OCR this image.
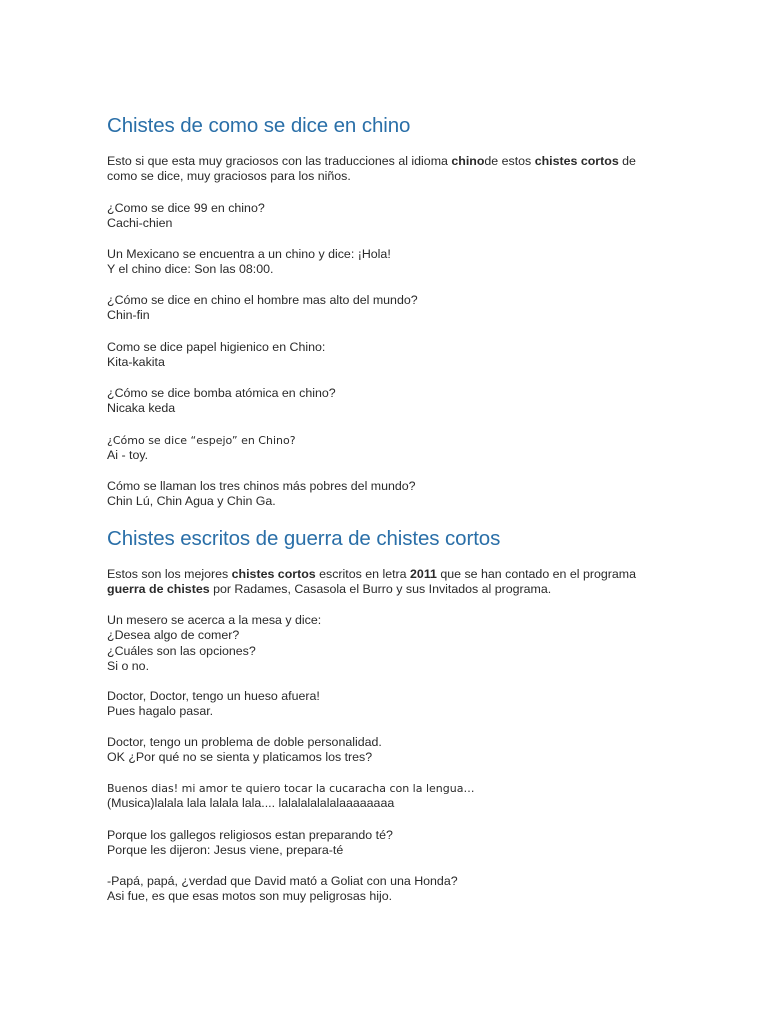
Chistes de como se dice en chino

Esto si que esta muy graciosos con las traducciones al idioma chinode estos chistes cortos de como se dice, muy graciosos para los niños.

¿Como se dice 99 en chino?
Cachi-chien

Un Mexicano se encuentra a un chino y dice: ¡Hola!
Y el chino dice: Son las 08:00.

¿Cómo se dice en chino el hombre mas alto del mundo?
Chin-fin

Como se dice papel higienico en Chino:
Kita-kakita

¿Cómo se dice bomba atómica en chino?
Nicaka keda

¿Cómo se dice “espejo” en Chino?
Ai - toy.

Cómo se llaman los tres chinos más pobres del mundo?
Chin Lú, Chin Agua y Chin Ga.

Chistes escritos de guerra de chistes cortos

Estos son los mejores chistes cortos escritos en letra 2011 que se han contado en el programa guerra de chistes por Radames, Casasola el Burro y sus Invitados al programa.

Un mesero se acerca a la mesa y dice:
¿Desea algo de comer?
¿Cuáles son las opciones?
Si o no.

Doctor, Doctor, tengo un hueso afuera!
Pues hagalo pasar.

Doctor, tengo un problema de doble personalidad.
OK ¿Por qué no se sienta y platicamos los tres?

Buenos dias! mi amor te quiero tocar la cucaracha con la lengua…
(Musica)lalala lala lalala lala.... lalalalalalalaaaaaaaa

Porque los gallegos religiosos estan preparando té?
Porque les dijeron: Jesus viene, prepara-té

-Papá, papá, ¿verdad que David mató a Goliat con una Honda?
Asi fue, es que esas motos son muy peligrosas hijo.
